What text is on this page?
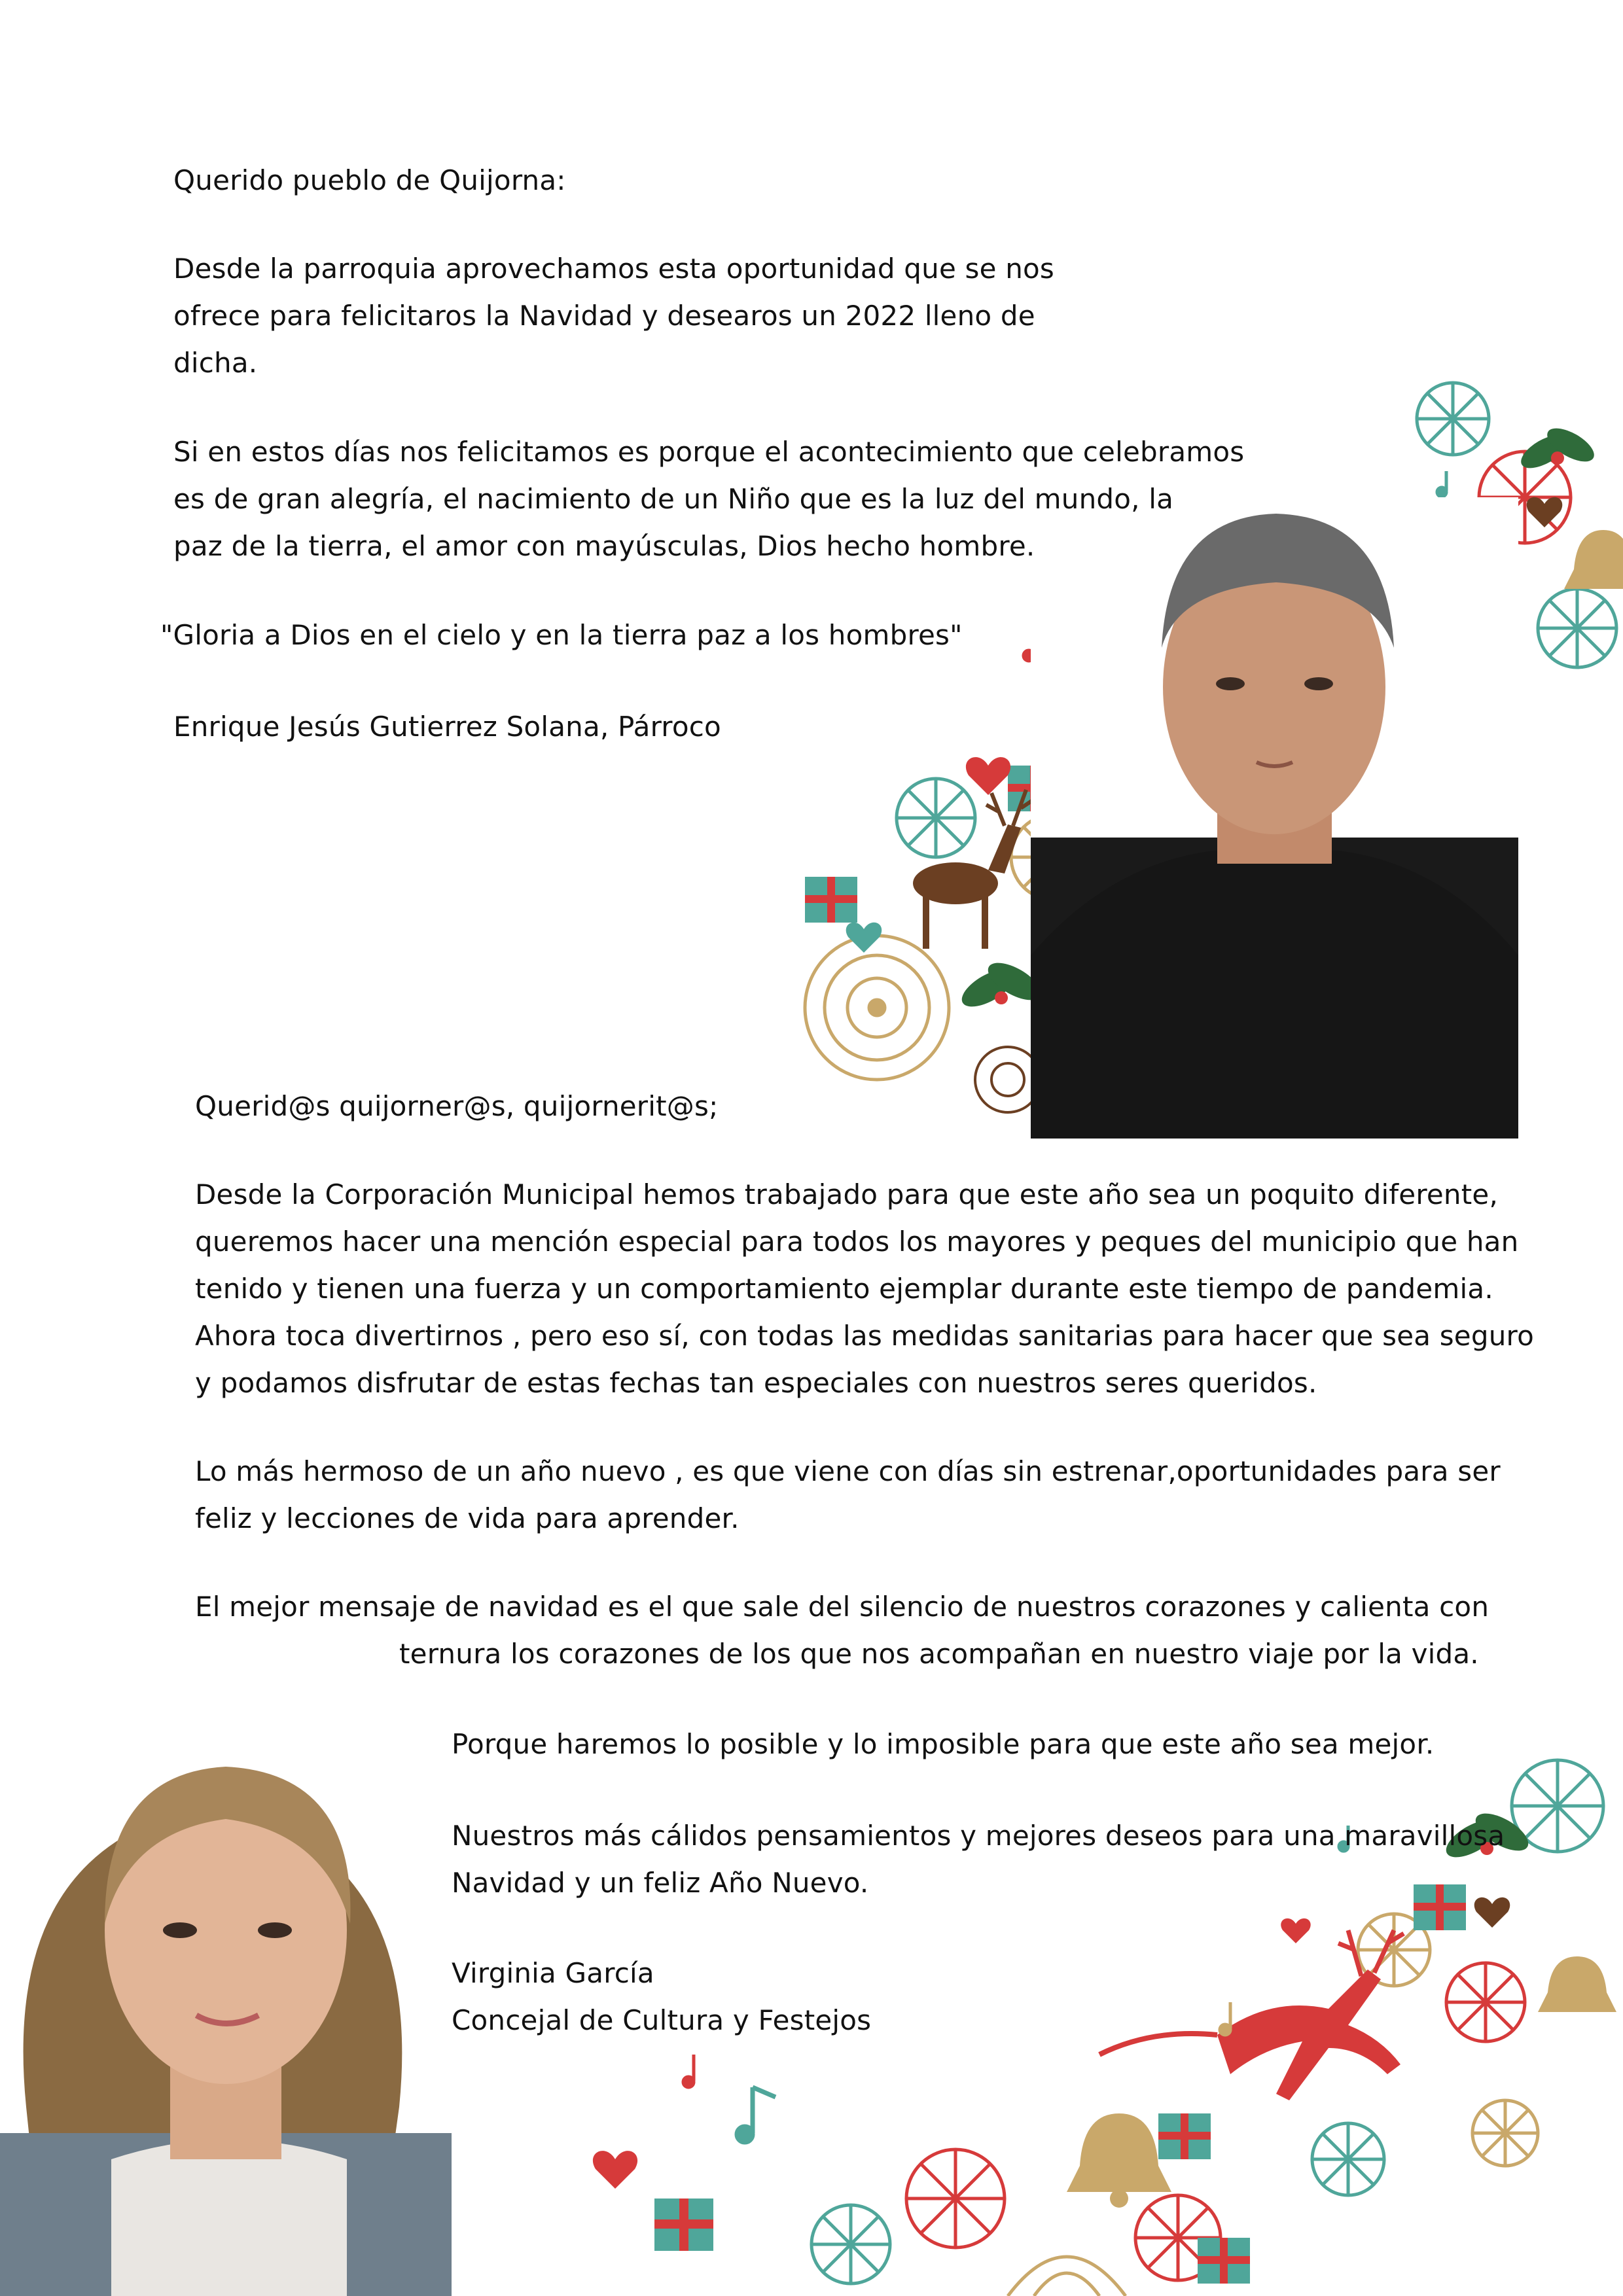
Querido pueblo de Quijorna:

Desde la parroquia aprovechamos esta oportunidad que se nos

ofrece para felicitaros la Navidad y desearos un 2022 lleno de

dicha.

Si en estos días nos felicitamos es porque el acontecimiento que celebramos

es de gran alegría, el nacimiento de un Niño que es la luz del mundo, la

paz de la tierra, el amor con mayúsculas, Dios hecho hombre.

"Gloria a Dios en el cielo y en la tierra paz a los hombres"

Enrique Jesús Gutierrez Solana, Párroco

Querid@s quijorner@s, quijornerit@s;

Desde la Corporación Municipal hemos trabajado para que este año sea un poquito diferente,

queremos hacer una mención especial para todos los mayores y peques del municipio que han

tenido y tienen una fuerza y un comportamiento ejemplar durante este tiempo de pandemia.

Ahora toca divertirnos , pero eso sí, con todas las medidas sanitarias para hacer que sea seguro

y podamos disfrutar de estas fechas tan especiales con nuestros seres queridos.

Lo más hermoso de un año nuevo , es que viene con días sin estrenar,oportunidades para ser

feliz y lecciones de vida para aprender.

El mejor mensaje de navidad es el que sale del silencio de nuestros corazones y calienta con

ternura los corazones de los que nos acompañan en nuestro viaje por la vida.

Porque haremos lo posible y lo imposible para que este año sea mejor.

Nuestros más cálidos pensamientos y mejores deseos para una maravillosa

Navidad y un feliz Año Nuevo.

Virginia García

Concejal de Cultura y Festejos
